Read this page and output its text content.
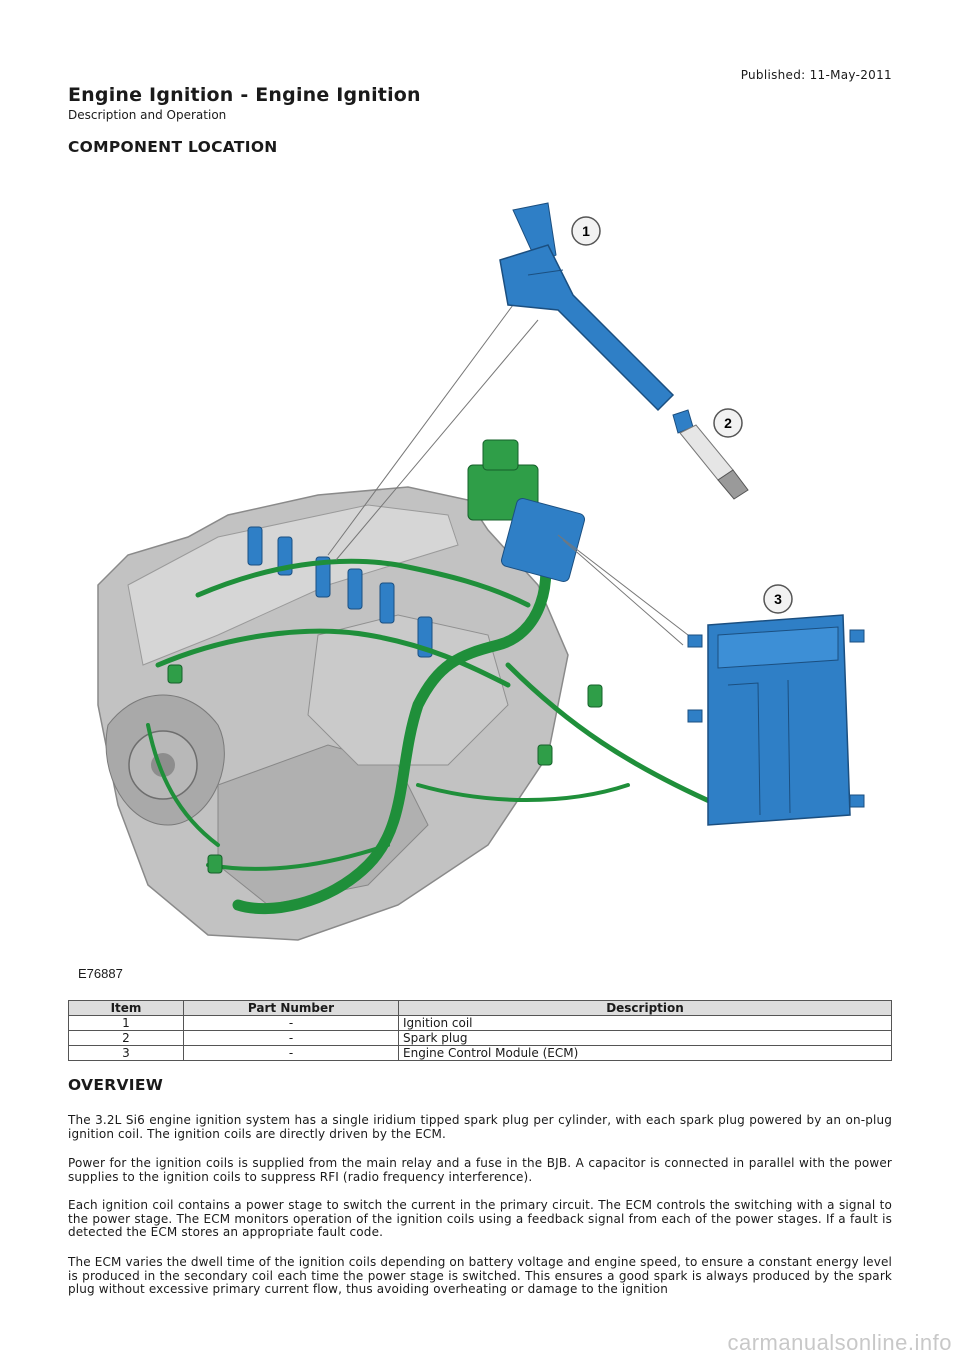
Published: 11-May-2011
Engine Ignition - Engine Ignition
Description and Operation
COMPONENT LOCATION
1
2
3
E76887
Item	Part Number	Description
1	-	Ignition coil
2	-	Spark plug
3	-	Engine Control Module (ECM)
OVERVIEW

The 3.2L Si6 engine ignition system has a single iridium tipped spark plug per cylinder, with each spark plug powered by an on-plug ignition coil. The ignition coils are directly driven by the ECM.

Power for the ignition coils is supplied from the main relay and a fuse in the BJB. A capacitor is connected in parallel with the power supplies to the ignition coils to suppress RFI (radio frequency interference).

Each ignition coil contains a power stage to switch the current in the primary circuit. The ECM controls the switching with a signal to the power stage. The ECM monitors operation of the ignition coils using a feedback signal from each of the power stages. If a fault is detected the ECM stores an appropriate fault code.

The ECM varies the dwell time of the ignition coils depending on battery voltage and engine speed, to ensure a constant energy level is produced in the secondary coil each time the power stage is switched. This ensures a good spark is always produced by the spark plug without excessive primary current flow, thus avoiding overheating or damage to the ignition

carmanualsonline.info
